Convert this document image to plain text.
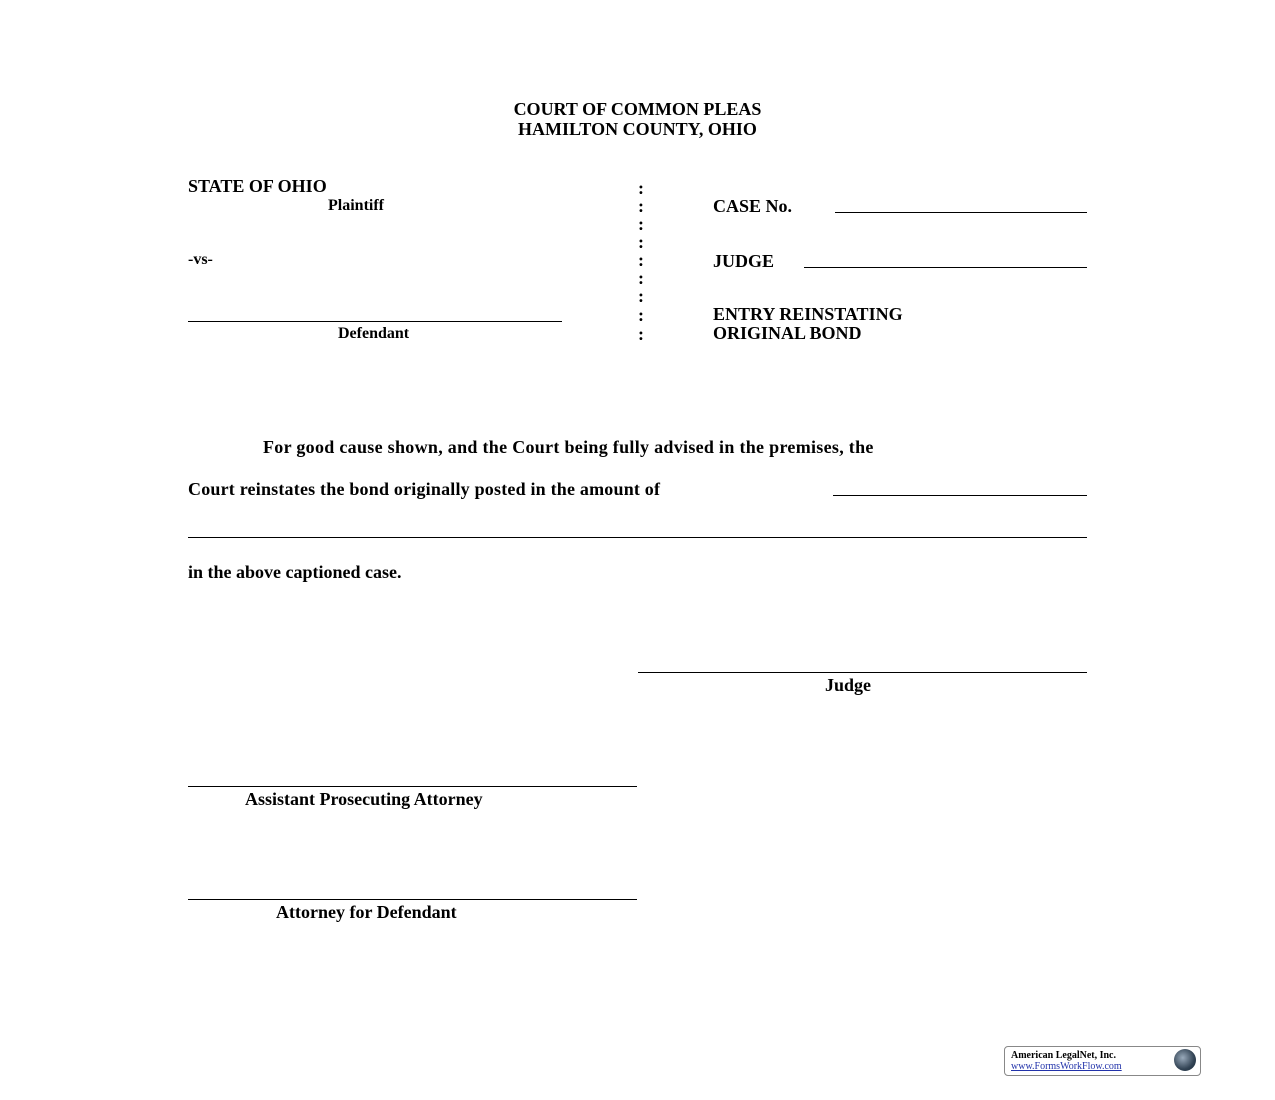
COURT OF COMMON PLEAS
HAMILTON COUNTY, OHIO
STATE OF OHIO
Plaintiff
-vs-
Defendant
:
:
:
:
:
:
:
:
:
CASE No.
JUDGE
ENTRY REINSTATING
ORIGINAL BOND
For good cause shown, and the Court being fully advised in the premises, the
Court reinstates the bond originally posted in the amount of
in the above captioned case.
Judge
Assistant Prosecuting Attorney
Attorney for Defendant
American LegalNet, Inc.
www.FormsWorkFlow.com
